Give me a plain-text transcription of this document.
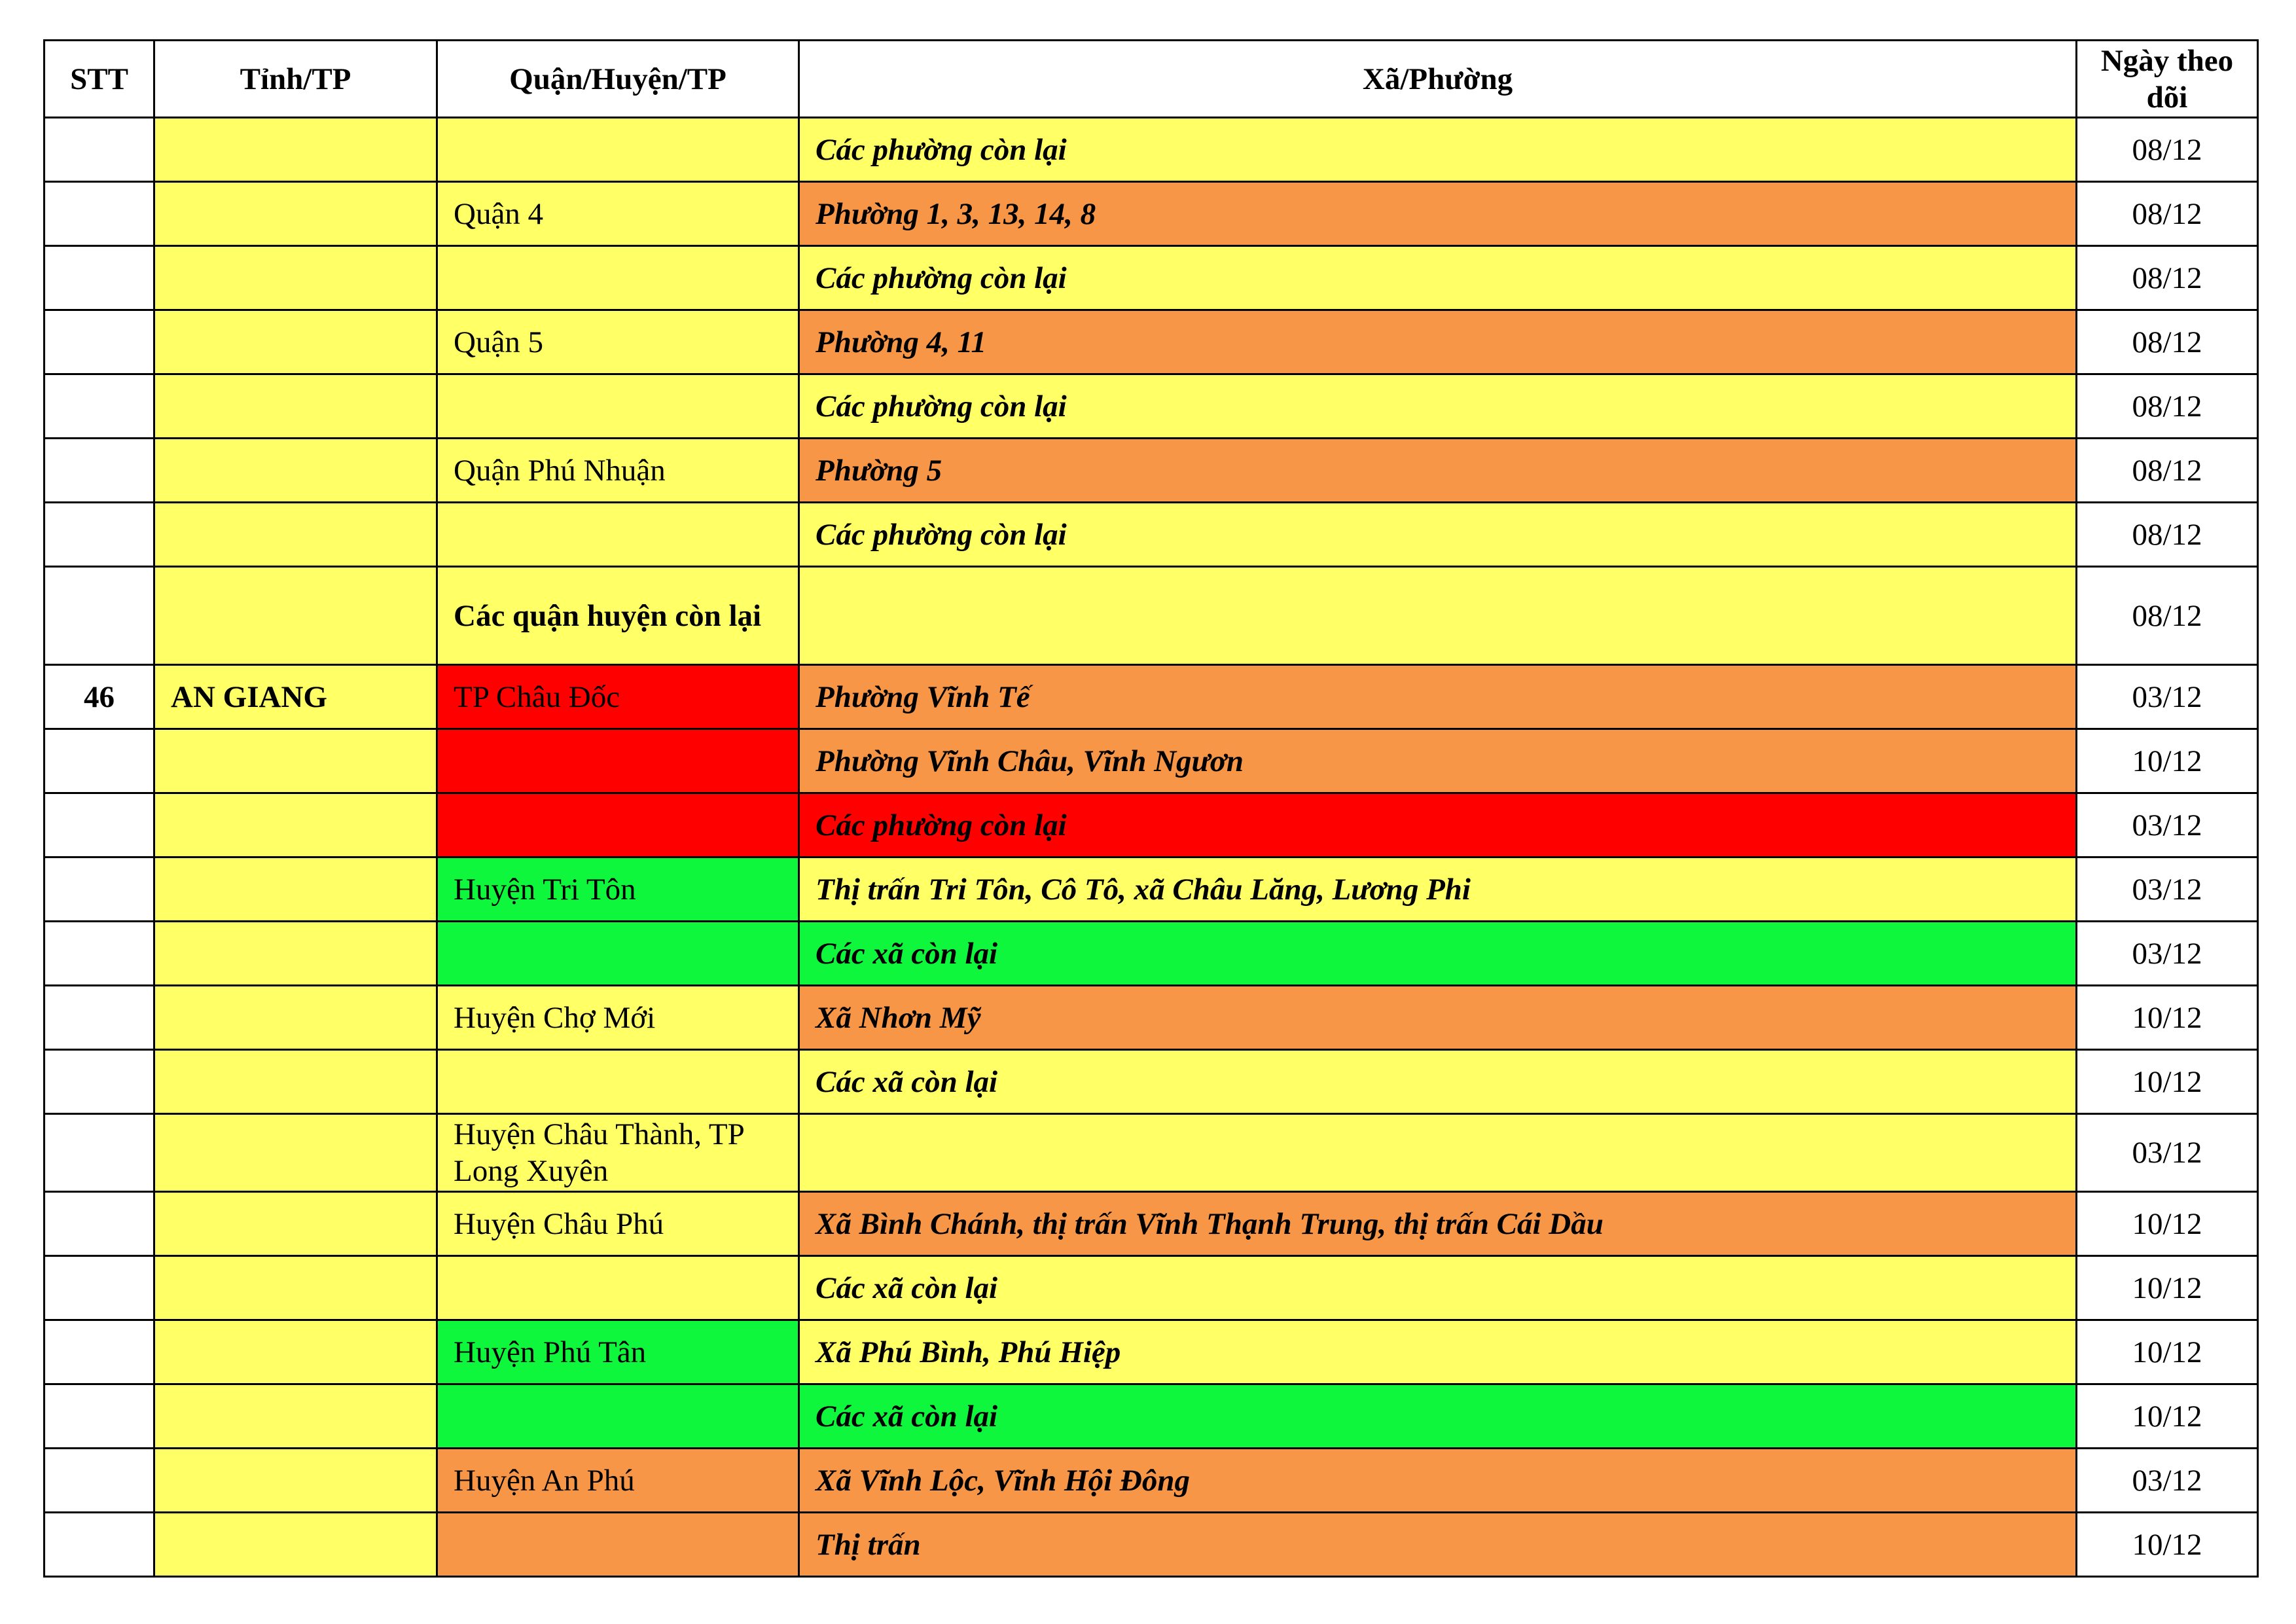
STT	Tỉnh/TP	Quận/Huyện/TP	Xã/Phường	Ngày theo dõi
			Các phường còn lại	08/12
		Quận 4	Phường 1, 3, 13, 14, 8	08/12
			Các phường còn lại	08/12
		Quận 5	Phường 4, 11	08/12
			Các phường còn lại	08/12
		Quận Phú Nhuận	Phường 5	08/12
			Các phường còn lại	08/12
		Các quận huyện còn lại		08/12
46	AN GIANG	TP Châu Đốc	Phường Vĩnh Tế	03/12
			Phường Vĩnh Châu, Vĩnh Ngươn	10/12
			Các phường còn lại	03/12
		Huyện Tri Tôn	Thị trấn Tri Tôn, Cô Tô, xã Châu Lăng, Lương Phi	03/12
			Các xã còn lại	03/12
		Huyện Chợ Mới	Xã Nhơn Mỹ	10/12
			Các xã còn lại	10/12
		Huyện Châu Thành, TP Long Xuyên		03/12
		Huyện Châu Phú	Xã Bình Chánh, thị trấn Vĩnh Thạnh Trung, thị trấn Cái Dầu	10/12
			Các xã còn lại	10/12
		Huyện Phú Tân	Xã Phú Bình, Phú Hiệp	10/12
			Các xã còn lại	10/12
		Huyện An Phú	Xã Vĩnh Lộc, Vĩnh Hội Đông	03/12
			Thị trấn	10/12
